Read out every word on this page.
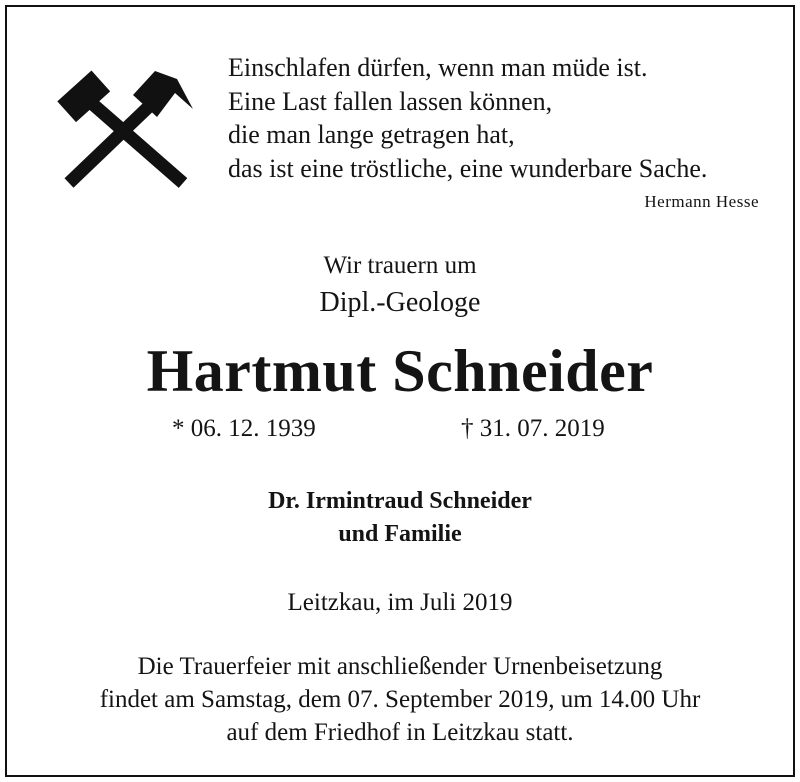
Einschlafen dürfen, wenn man müde ist.
Eine Last fallen lassen können,
die man lange getragen hat,
das ist eine tröstliche, eine wunderbare Sache.
Hermann Hesse
Wir trauern um
Dipl.-Geologe
Hartmut Schneider
* 06. 12. 1939	† 31. 07. 2019
Dr. Irmintraud Schneider
und Familie
Leitzkau, im Juli 2019
Die Trauerfeier mit anschließender Urnenbeisetzung
findet am Samstag, dem 07. September 2019, um 14.00 Uhr
auf dem Friedhof in Leitzkau statt.
